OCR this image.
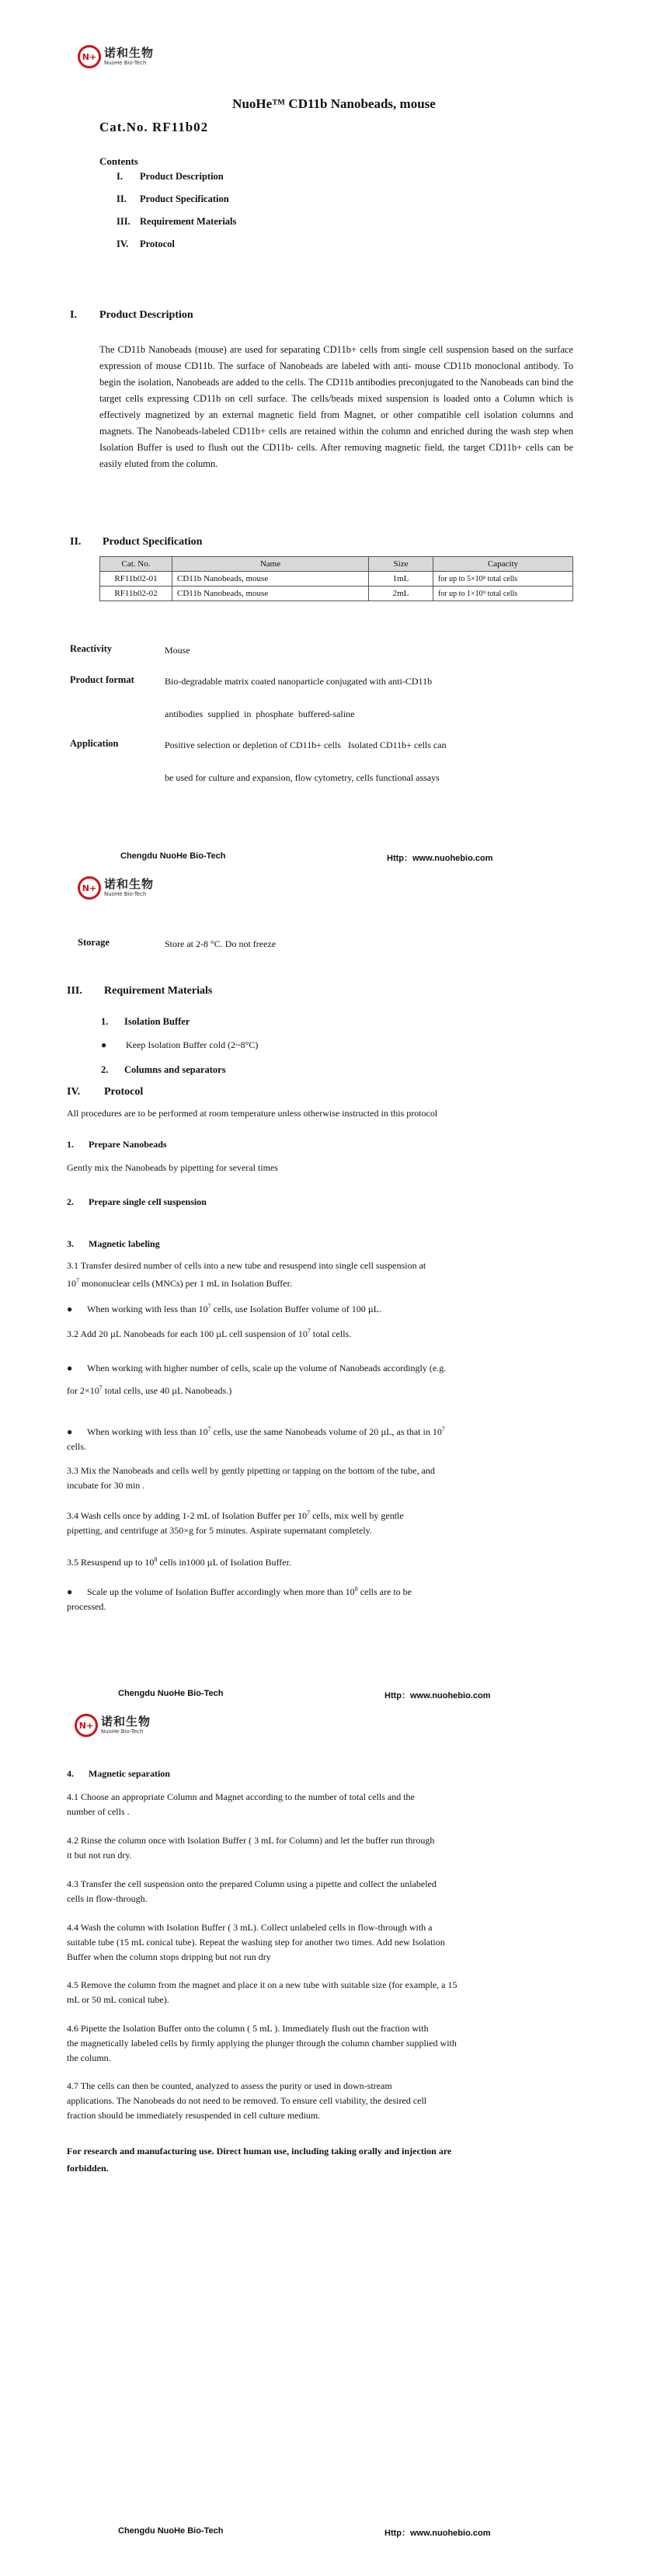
N+ 诺和生物
NuoHe Bio-Tech
NuoHe™ CD11b Nanobeads, mouse
Cat.No. RF11b02
Contents
I. Product Description
II. Product Specification
III. Requirement Materials
IV. Protocol
I. Product Description
The CD11b Nanobeads (mouse) are used for separating CD11b+ cells from single cell suspension based on the surface expression of mouse CD11b. The surface of Nanobeads are labeled with anti- mouse CD11b monoclonal antibody. To begin the isolation, Nanobeads are added to the cells. The CD11b antibodies preconjugated to the Nanobeads can bind the target cells expressing CD11b on cell surface. The cells/beads mixed suspension is loaded onto a Column which is effectively magnetized by an external magnetic field from Magnet, or other compatible cell isolation columns and magnets. The Nanobeads-labeled CD11b+ cells are retained within the column and enriched during the wash step when Isolation Buffer is used to flush out the CD11b- cells. After removing magnetic field, the target CD11b+ cells can be easily eluted from the column.
II. Product Specification
Cat. No.	Name	Size	Capacity
RF11b02-01	CD11b Nanobeads, mouse	1mL	for up to 5×10⁸ total cells
RF11b02-02	CD11b Nanobeads, mouse	2mL	for up to 1×10⁹ total cells
Reactivity	Mouse
Product format	Bio-degradable matrix coated nanoparticle conjugated with anti-CD11b
antibodies supplied in phosphate buffered-saline
Application	Positive selection or depletion of CD11b+ cells   Isolated CD11b+ cells can
be used for culture and expansion, flow cytometry, cells functional assays
Chengdu NuoHe Bio-Tech	Http：www.nuohebio.com
N+ 诺和生物
NuoHe Bio-Tech
Storage	Store at 2-8 °C. Do not freeze
III. Requirement Materials
1. Isolation Buffer
● Keep Isolation Buffer cold (2~8°C)
2. Columns and separators
IV. Protocol
All procedures are to be performed at room temperature unless otherwise instructed in this protocol
1. Prepare Nanobeads
Gently mix the Nanobeads by pipetting for several times
2. Prepare single cell suspension
3. Magnetic labeling
3.1 Transfer desired number of cells into a new tube and resuspend into single cell suspension at
$10^7$ mononuclear cells (MNCs) per 1 mL in Isolation Buffer.
● When working with less than $10^7$ cells, use Isolation Buffer volume of 100 µL.
3.2 Add 20 µL Nanobeads for each 100 µL cell suspension of $10^7$ total cells.
● When working with higher number of cells, scale up the volume of Nanobeads accordingly (e.g.
for $2\times 10^7$ total cells, use 40 µL Nanobeads.)
● When working with less than $10^7$ cells, use the same Nanobeads volume of 20 µL, as that in $10^7$
cells.
3.3 Mix the Nanobeads and cells well by gently pipetting or tapping on the bottom of the tube, and
incubate for 30 min .
3.4 Wash cells once by adding 1-2 mL of Isolation Buffer per $10^7$ cells, mix well by gentle
pipetting, and centrifuge at 350×g for 5 minutes. Aspirate supernatant completely.
3.5 Resuspend up to $10^8$ cells in1000 µL of Isolation Buffer.
● Scale up the volume of Isolation Buffer accordingly when more than $10^8$ cells are to be
processed.
Chengdu NuoHe Bio-Tech	Http：www.nuohebio.com
N+ 诺和生物
NuoHe Bio-Tech
4. Magnetic separation
4.1 Choose an appropriate Column and Magnet according to the number of total cells and the
number of cells .
4.2 Rinse the column once with Isolation Buffer ( 3 mL for Column) and let the buffer run through
it but not run dry.
4.3 Transfer the cell suspension onto the prepared Column using a pipette and collect the unlabeled
cells in flow-through.
4.4 Wash the column with Isolation Buffer ( 3 mL). Collect unlabeled cells in flow-through with a
suitable tube (15 mL conical tube). Repeat the washing step for another two times. Add new Isolation
Buffer when the column stops dripping but not run dry
4.5 Remove the column from the magnet and place it on a new tube with suitable size (for example, a 15
mL or 50 mL conical tube).
4.6 Pipette the Isolation Buffer onto the column ( 5 mL ). Immediately flush out the fraction with
the magnetically labeled cells by firmly applying the plunger through the column chamber supplied with
the column.
4.7 The cells can then be counted, analyzed to assess the purity or used in down-stream
applications. The Nanobeads do not need to be removed. To ensure cell viability, the desired cell
fraction should be immediately resuspended in cell culture medium.
For research and manufacturing use. Direct human use, including taking orally and injection are
forbidden.
Chengdu NuoHe Bio-Tech	Http：www.nuohebio.com
